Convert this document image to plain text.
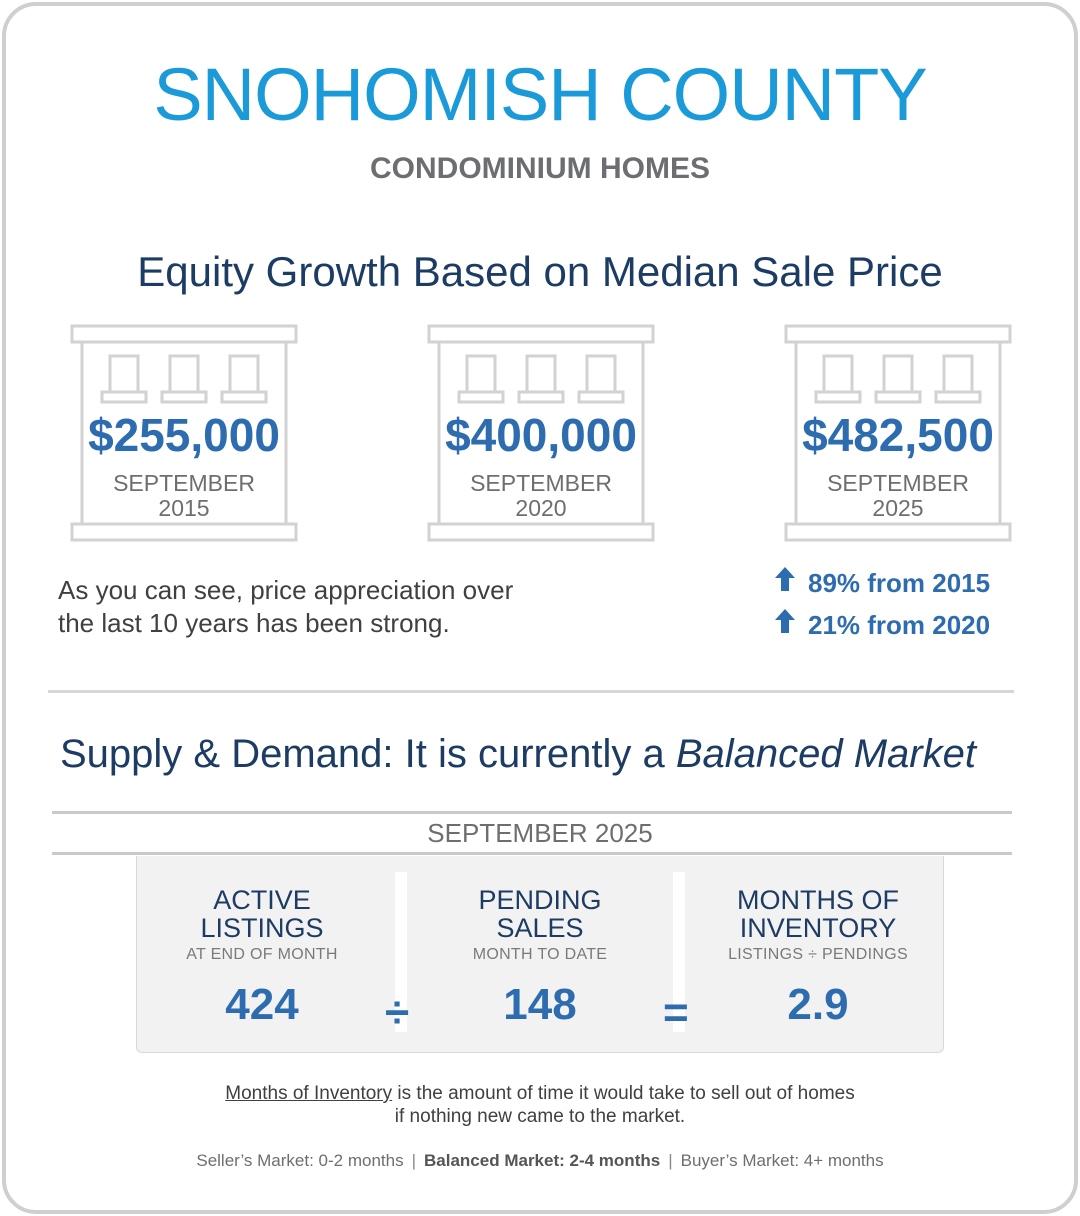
SNOHOMISH COUNTY
CONDOMINIUM HOMES
Equity Growth Based on Median Sale Price
$255,000
SEPTEMBER
2015
$400,000
SEPTEMBER
2020
$482,500
SEPTEMBER
2025
As you can see, price appreciation over
the last 10 years has been strong.
89% from 2015
21% from 2020
Supply & Demand: It is currently a Balanced Market
SEPTEMBER 2025
ACTIVE
LISTINGS
AT END OF MONTH
424	÷
PENDING
SALES
MONTH TO DATE
148	=
MONTHS OF
INVENTORY
LISTINGS ÷ PENDINGS
2.9
Months of Inventory is the amount of time it would take to sell out of homes
if nothing new came to the market.
Seller’s Market: 0-2 months | Balanced Market: 2-4 months | Buyer’s Market: 4+ months
